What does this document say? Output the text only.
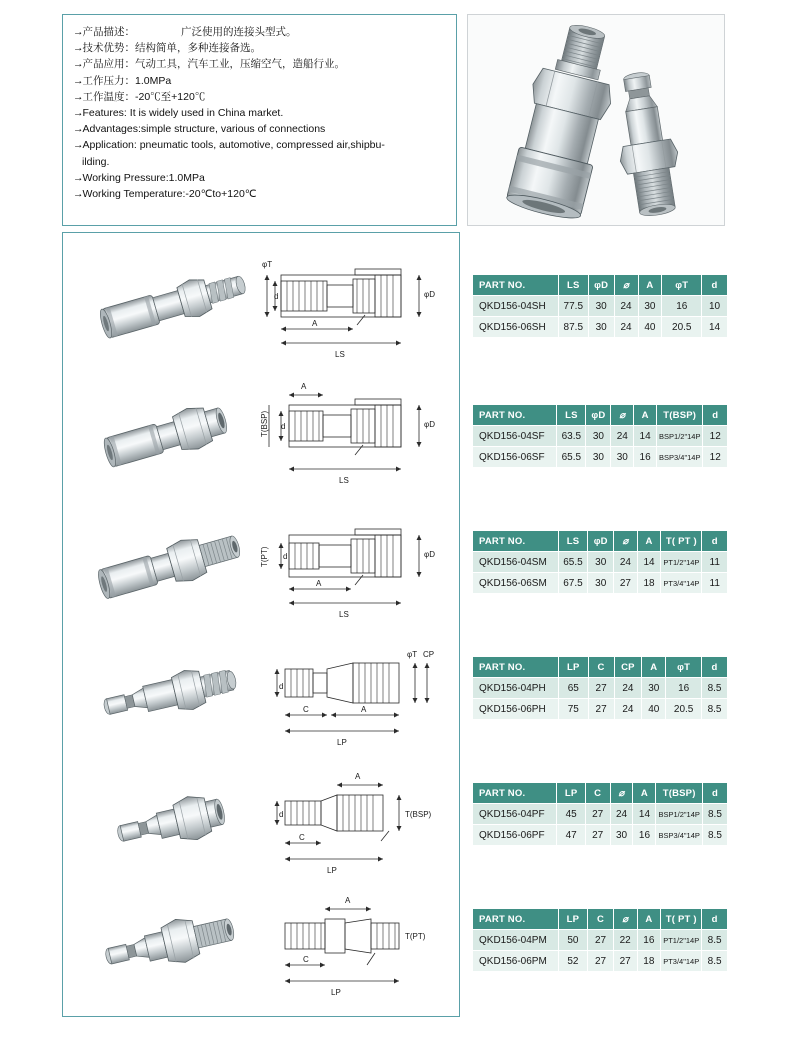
→产品描述：	广泛使用的连接头型式。
→技术优势：结构简单，多种连接备选。
→产品应用：气动工具，汽车工业，压缩空气，造船行业。
→工作压力：1.0MPa
→工作温度：-20℃至+120℃
→Features: It is widely used in China market.
→Advantages:simple structure, various of connections
→Application: pneumatic tools, automotive, compressed air,shipbu-
ilding.
→Working Pressure:1.0MPa
→Working Temperature:-20℃to+120℃
φT
d
A
φD
LS
A
T(BSP) d	φD
LS
T(PT) d
A
φD
LS
d
C	A
φT CP
LP
A
d
C
T(BSP)
LP
A
C
T(PT)
LP
PART NO.	LS	φD	⌀	A	φT	d
QKD156-04SH	77.5	30	24	30	16	10
QKD156-06SH	87.5	30	24	40	20.5	14
PART NO.	LS	φD	⌀	A	T(BSP)	d
QKD156-04SF	63.5	30	24	14	BSP1/2"14P	12
QKD156-06SF	65.5	30	30	16	BSP3/4"14P	12
PART NO.	LS	φD	⌀	A	T( PT )	d
QKD156-04SM	65.5	30	24	14	PT1/2"14P	11
QKD156-06SM	67.5	30	27	18	PT3/4"14P	11
PART NO.	LP	C	CP	A	φT	d
QKD156-04PH	65	27	24	30	16	8.5
QKD156-06PH	75	27	24	40	20.5	8.5
PART NO.	LP	C	⌀	A	T(BSP)	d
QKD156-04PF	45	27	24	14	BSP1/2"14P	8.5
QKD156-06PF	47	27	30	16	BSP3/4"14P	8.5
PART NO.	LP	C	⌀	A	T( PT )	d
QKD156-04PM	50	27	22	16	PT1/2"14P	8.5
QKD156-06PM	52	27	27	18	PT3/4"14P	8.5
